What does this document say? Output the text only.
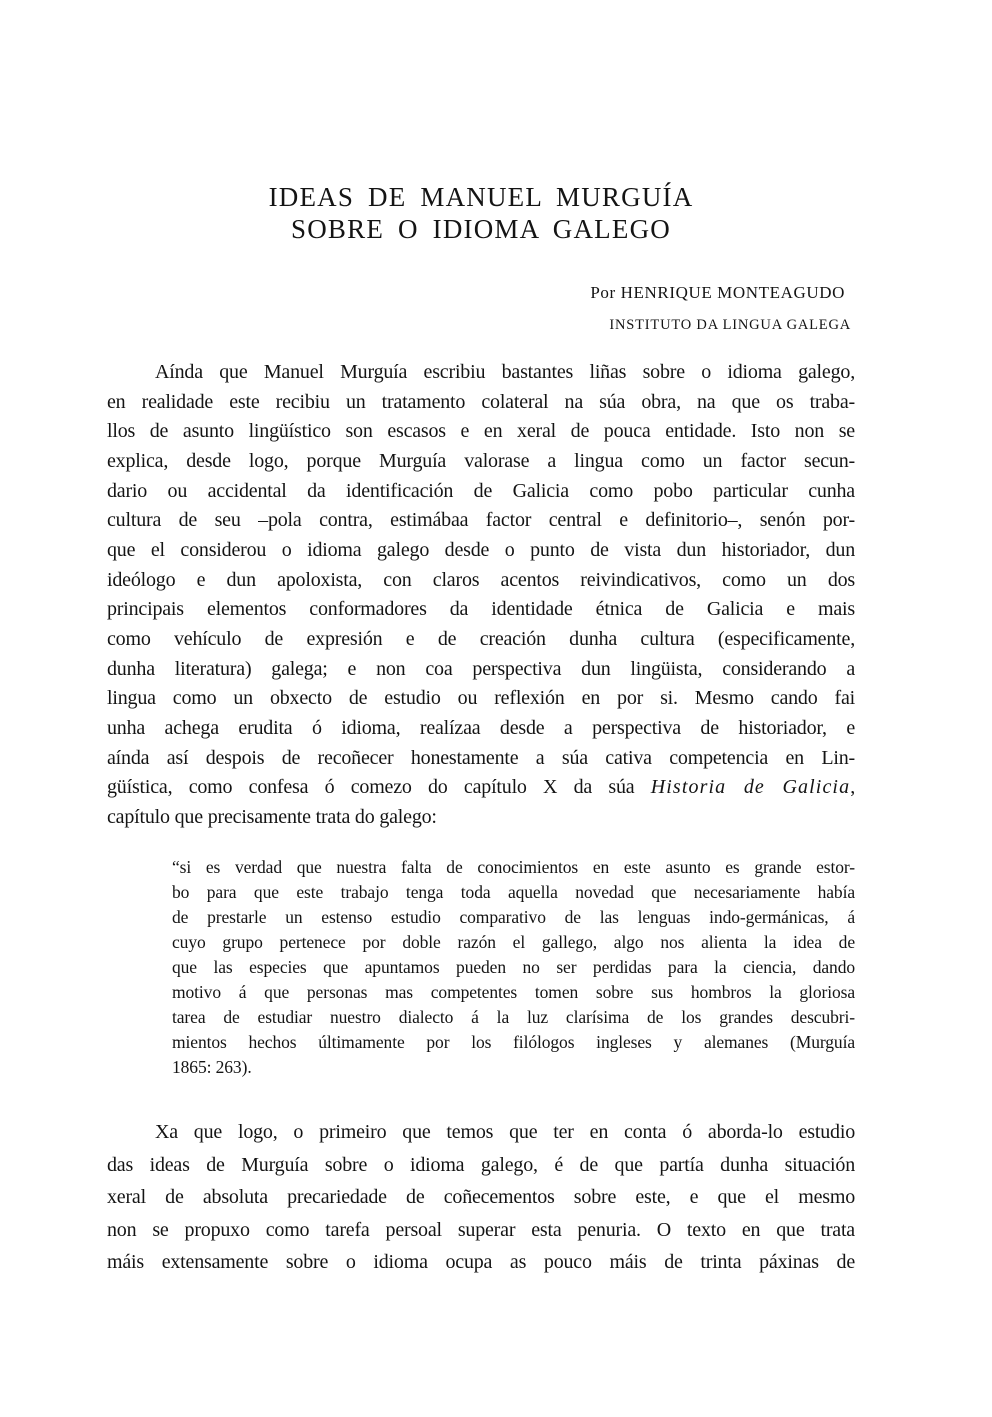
IDEAS DE MANUEL MURGUÍA
SOBRE O IDIOMA GALEGO
Por HENRIQUE MONTEAGUDO
INSTITUTO DA LINGUA GALEGA
Aínda que Manuel Murguía escribiu bastantes liñas sobre o idioma galego,
en realidade este recibiu un tratamento colateral na súa obra, na que os traba-
llos de asunto lingüístico son escasos e en xeral de pouca entidade. Isto non se
explica, desde logo, porque Murguía valorase a lingua como un factor secun-
dario ou accidental da identificación de Galicia como pobo particular cunha
cultura de seu –pola contra, estimábaa factor central e definitorio–, senón por-
que el considerou o idioma galego desde o punto de vista dun historiador, dun
ideólogo e dun apoloxista, con claros acentos reivindicativos, como un dos
principais elementos conformadores da identidade étnica de Galicia e mais
como vehículo de expresión e de creación dunha cultura (especificamente,
dunha literatura) galega; e non coa perspectiva dun lingüista, considerando a
lingua como un obxecto de estudio ou reflexión en por si. Mesmo cando fai
unha achega erudita ó idioma, realízaa desde a perspectiva de historiador, e
aínda así despois de recoñecer honestamente a súa cativa competencia en Lin-
güística, como confesa ó comezo do capítulo X da súa Historia de Galicia,
capítulo que precisamente trata do galego:
“si es verdad que nuestra falta de conocimientos en este asunto es grande estor-
bo para que este trabajo tenga toda aquella novedad que necesariamente había
de prestarle un estenso estudio comparativo de las lenguas indo-germánicas, á
cuyo grupo pertenece por doble razón el gallego, algo nos alienta la idea de
que las especies que apuntamos pueden no ser perdidas para la ciencia, dando
motivo á que personas mas competentes tomen sobre sus hombros la gloriosa
tarea de estudiar nuestro dialecto á la luz clarísima de los grandes descubri-
mientos hechos últimamente por los filólogos ingleses y alemanes (Murguía
1865: 263).
Xa que logo, o primeiro que temos que ter en conta ó aborda-lo estudio
das ideas de Murguía sobre o idioma galego, é de que partía dunha situación
xeral de absoluta precariedade de coñecementos sobre este, e que el mesmo
non se propuxo como tarefa persoal superar esta penuria. O texto en que trata
máis extensamente sobre o idioma ocupa as pouco máis de trinta páxinas de
